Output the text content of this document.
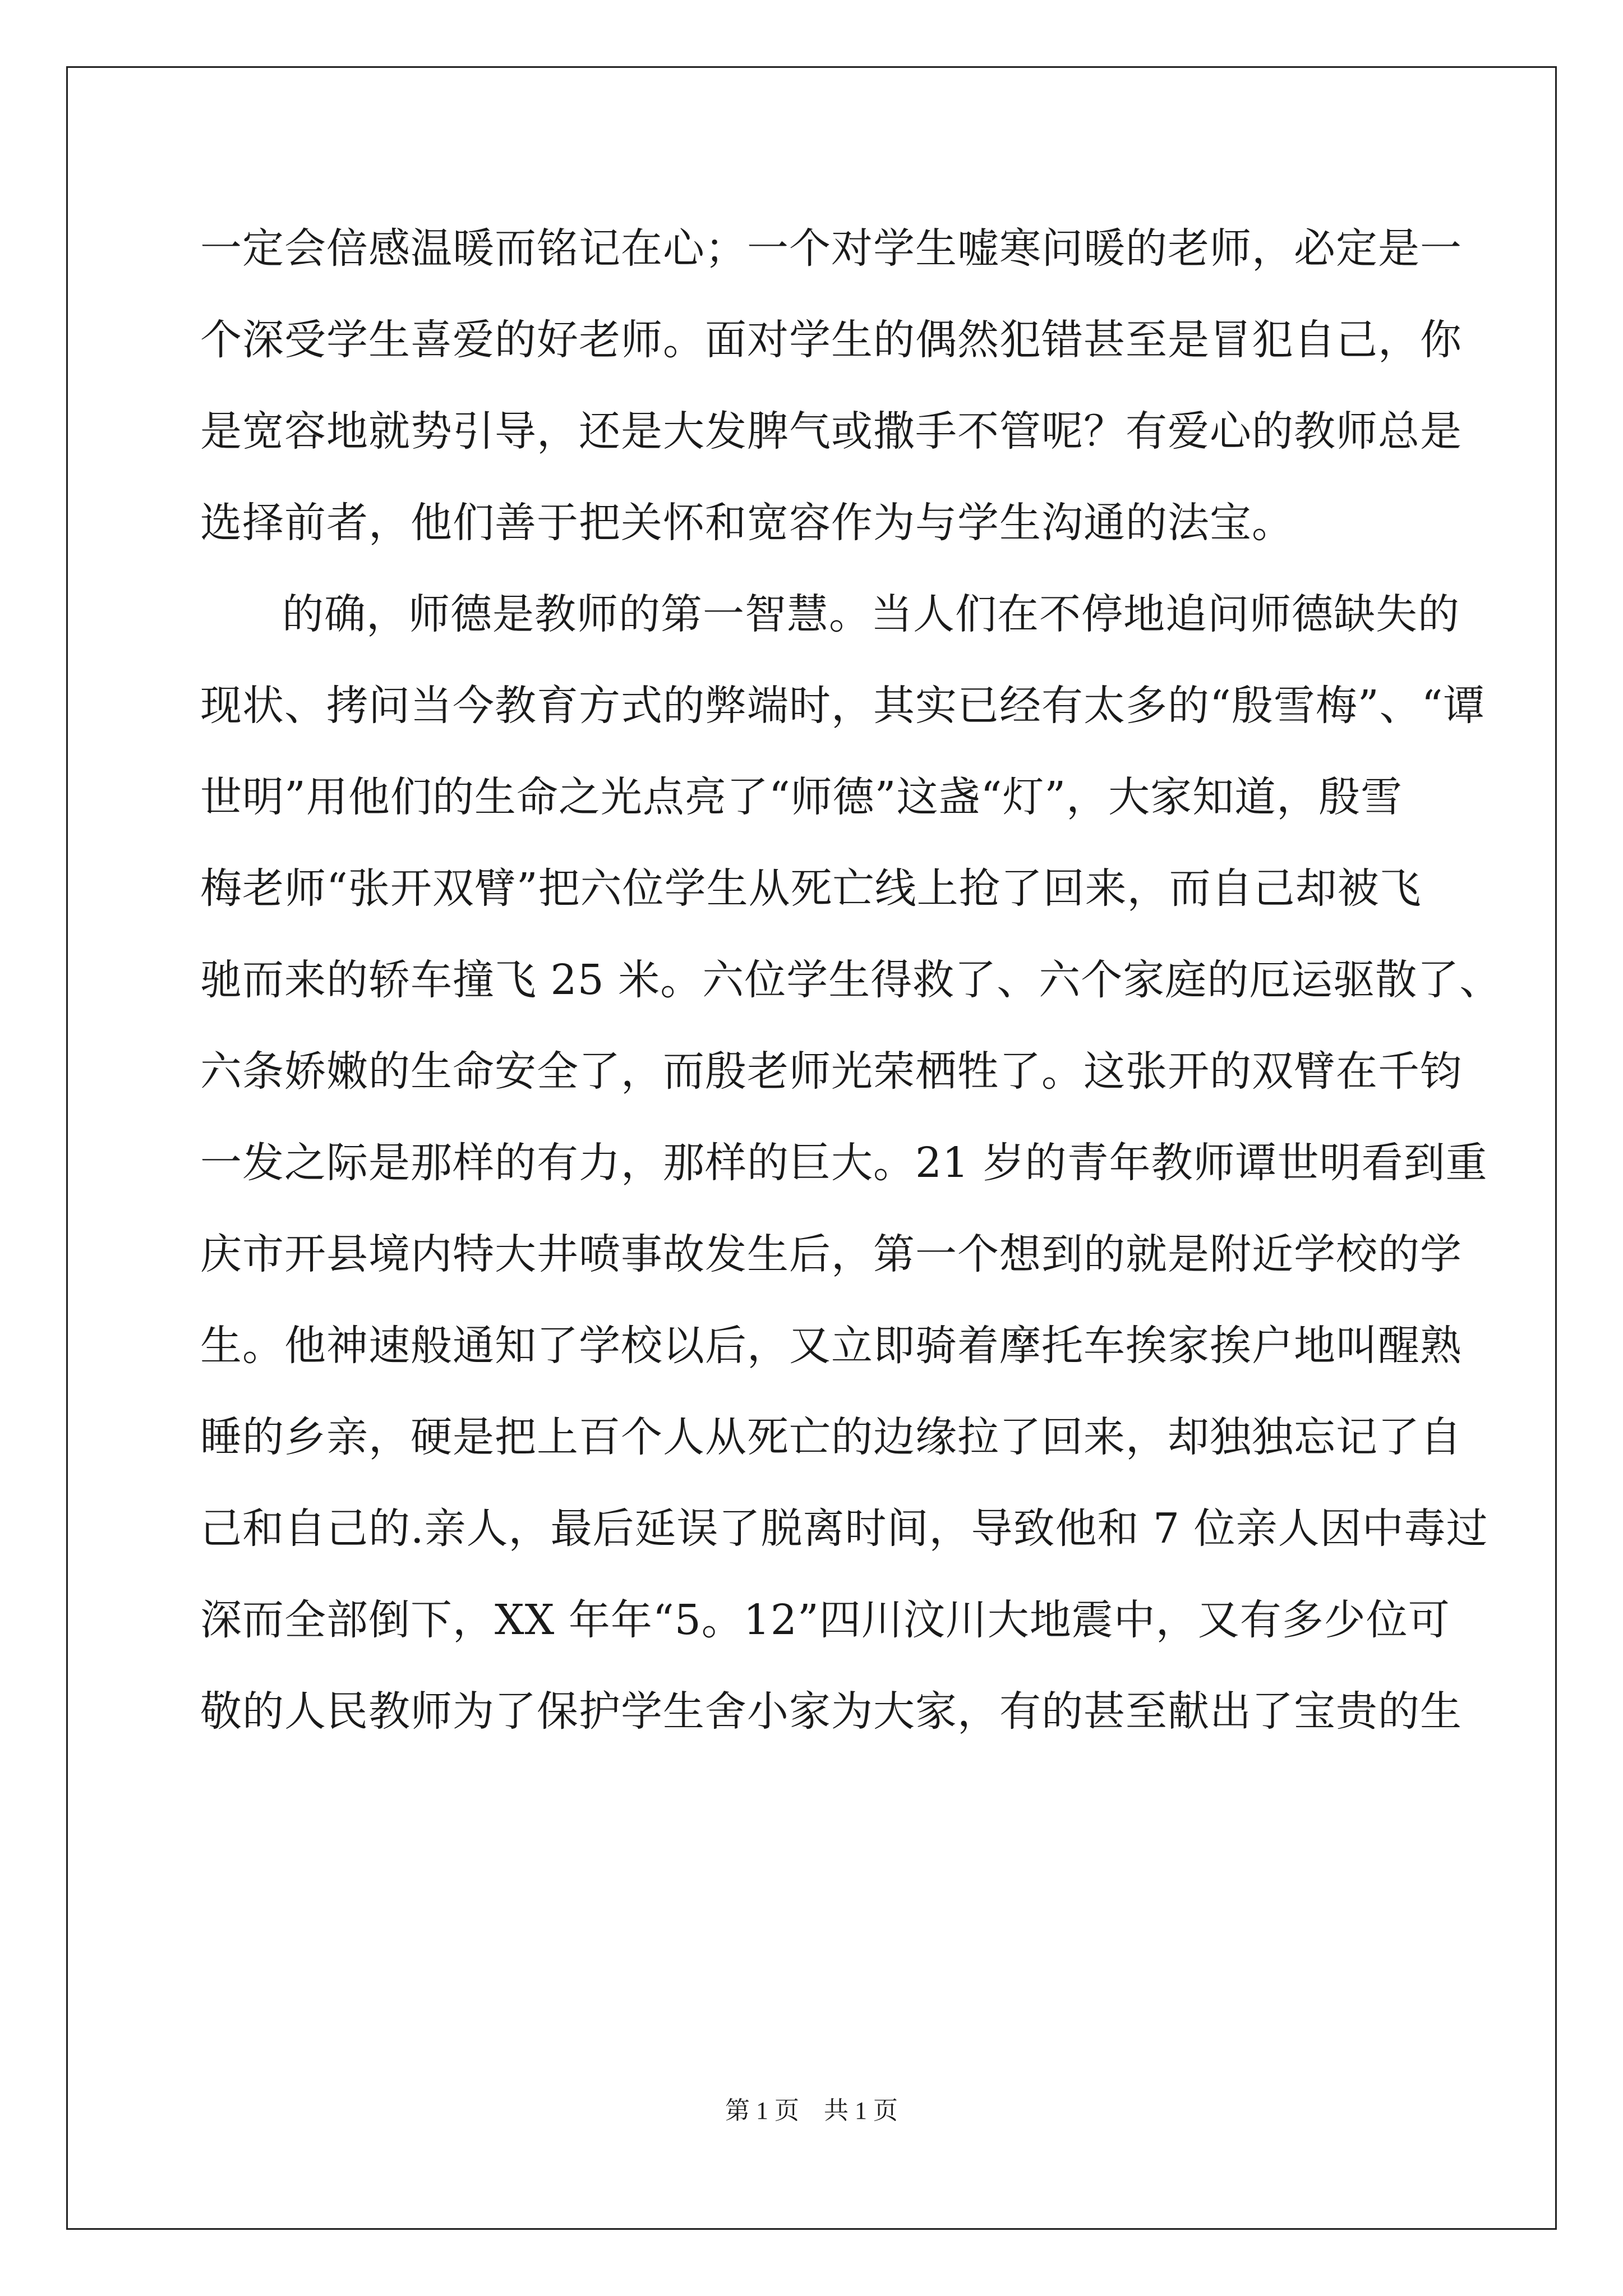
一定会倍感温暖而铭记在心；一个对学生嘘寒问暖的老师，必定是一
个深受学生喜爱的好老师。面对学生的偶然犯错甚至是冒犯自己，你
是宽容地就势引导，还是大发脾气或撒手不管呢？有爱心的教师总是
选择前者，他们善于把关怀和宽容作为与学生沟通的法宝。
的确，师德是教师的第一智慧。当人们在不停地追问师德缺失的
现状、拷问当今教育方式的弊端时，其实已经有太多的“殷雪梅”、“谭
世明”用他们的生命之光点亮了“师德”这盏“灯”，大家知道，殷雪
梅老师“张开双臂”把六位学生从死亡线上抢了回来，而自己却被飞
驰而来的轿车撞飞 25 米。六位学生得救了、六个家庭的厄运驱散了、
六条娇嫩的生命安全了，而殷老师光荣栖牲了。这张开的双臂在千钧
一发之际是那样的有力，那样的巨大。21 岁的青年教师谭世明看到重
庆市开县境内特大井喷事故发生后，第一个想到的就是附近学校的学
生。他神速般通知了学校以后，又立即骑着摩托车挨家挨户地叫醒熟
睡的乡亲，硬是把上百个人从死亡的边缘拉了回来，却独独忘记了自
己和自己的.亲人，最后延误了脱离时间，导致他和 7 位亲人因中毒过
深而全部倒下，XX 年年“5。12”四川汶川大地震中，又有多少位可
敬的人民教师为了保护学生舍小家为大家，有的甚至献出了宝贵的生
第 1 页　共 1 页
